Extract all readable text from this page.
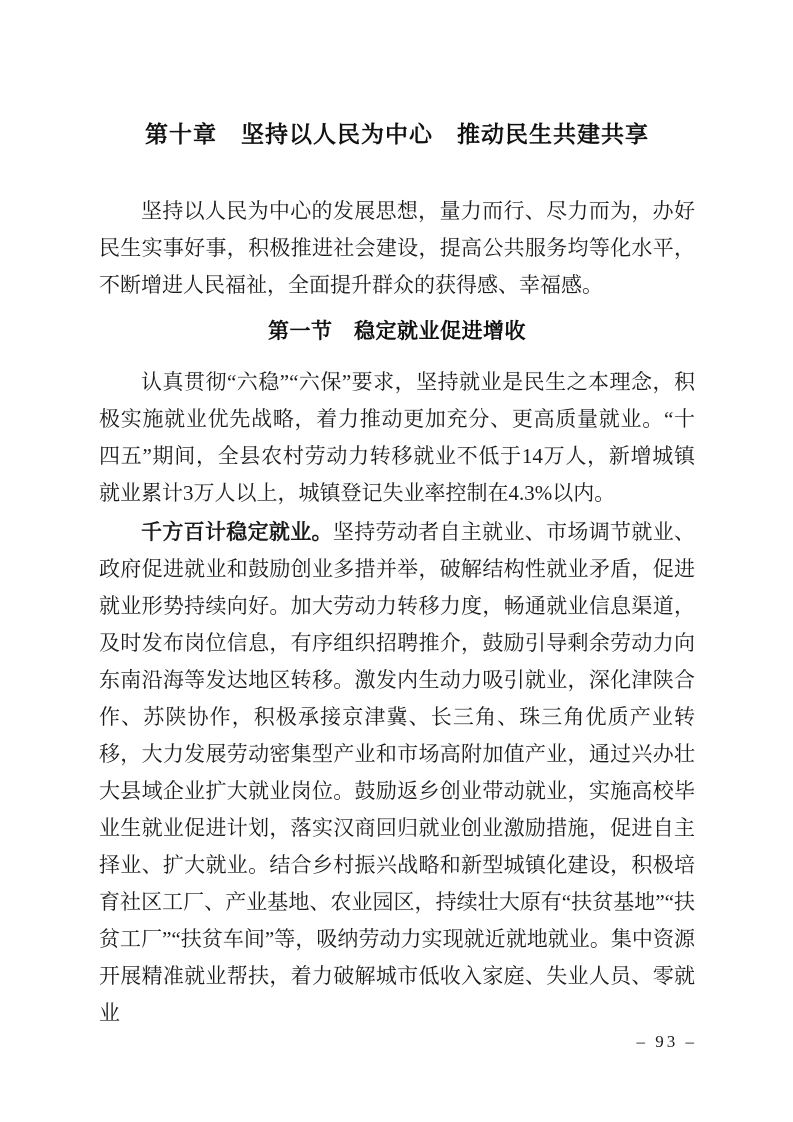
第十章　坚持以人民为中心　推动民生共建共享

坚持以人民为中心的发展思想，量力而行、尽力而为，办好民生实事好事，积极推进社会建设，提高公共服务均等化水平，不断增进人民福祉，全面提升群众的获得感、幸福感。

第一节　稳定就业促进增收

认真贯彻“六稳”“六保”要求，坚持就业是民生之本理念，积极实施就业优先战略，着力推动更加充分、更高质量就业。“十四五”期间，全县农村劳动力转移就业不低于14万人，新增城镇就业累计3万人以上，城镇登记失业率控制在4.3%以内。

千方百计稳定就业。坚持劳动者自主就业、市场调节就业、政府促进就业和鼓励创业多措并举，破解结构性就业矛盾，促进就业形势持续向好。加大劳动力转移力度，畅通就业信息渠道，及时发布岗位信息，有序组织招聘推介，鼓励引导剩余劳动力向东南沿海等发达地区转移。激发内生动力吸引就业，深化津陕合作、苏陕协作，积极承接京津冀、长三角、珠三角优质产业转移，大力发展劳动密集型产业和市场高附加值产业，通过兴办壮大县域企业扩大就业岗位。鼓励返乡创业带动就业，实施高校毕业生就业促进计划，落实汉商回归就业创业激励措施，促进自主择业、扩大就业。结合乡村振兴战略和新型城镇化建设，积极培育社区工厂、产业基地、农业园区，持续壮大原有“扶贫基地”“扶贫工厂”“扶贫车间”等，吸纳劳动力实现就近就地就业。集中资源开展精准就业帮扶，着力破解城市低收入家庭、失业人员、零就业

– 93 –
